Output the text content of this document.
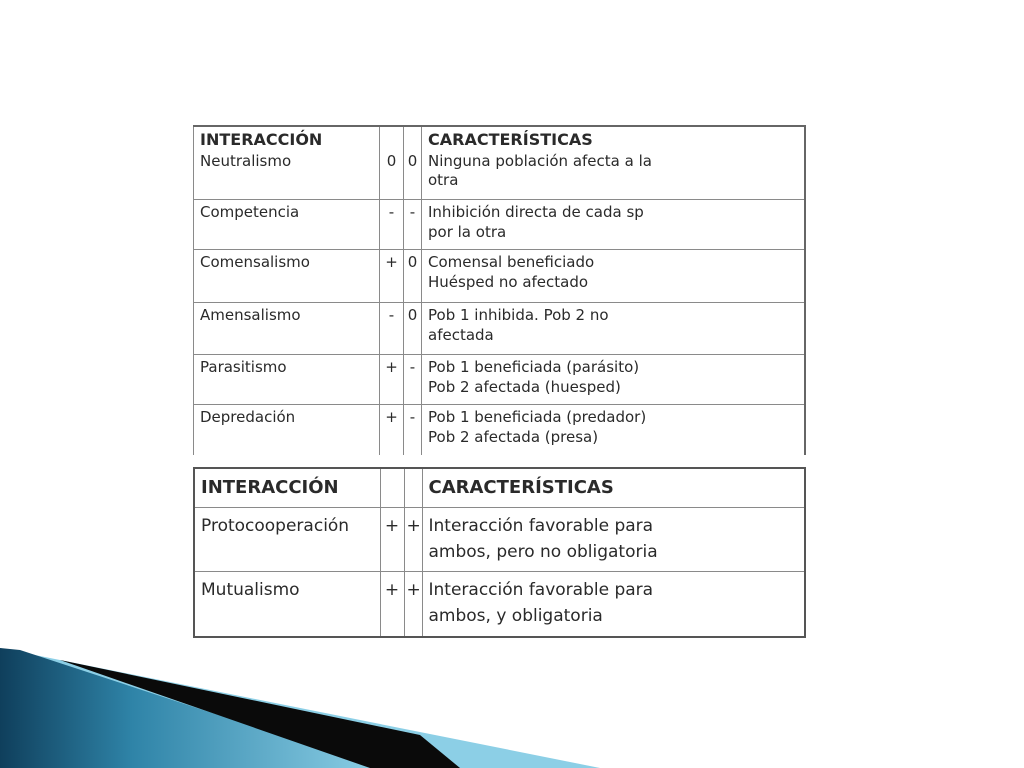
INTERACCIÓN			CARACTERÍSTICAS
Neutralismo	0	0	Ninguna población afecta a la
otra

Competencia	-	-	Inhibición directa de cada sp
por la otra

Comensalismo	+	0	Comensal beneficiado
Huésped no afectado

Amensalismo	-	0	Pob 1 inhibida. Pob 2 no
afectada

Parasitismo	+	-	Pob 1 beneficiada (parásito)
Pob 2 afectada (huesped)

Depredación	+	-	Pob 1 beneficiada (predador)
Pob 2 afectada (presa)
INTERACCIÓN			CARACTERÍSTICAS
Protocooperación	+	+	Interacción favorable para
ambos, pero no obligatoria

Mutualismo	+	+	Interacción favorable para
ambos, y obligatoria
